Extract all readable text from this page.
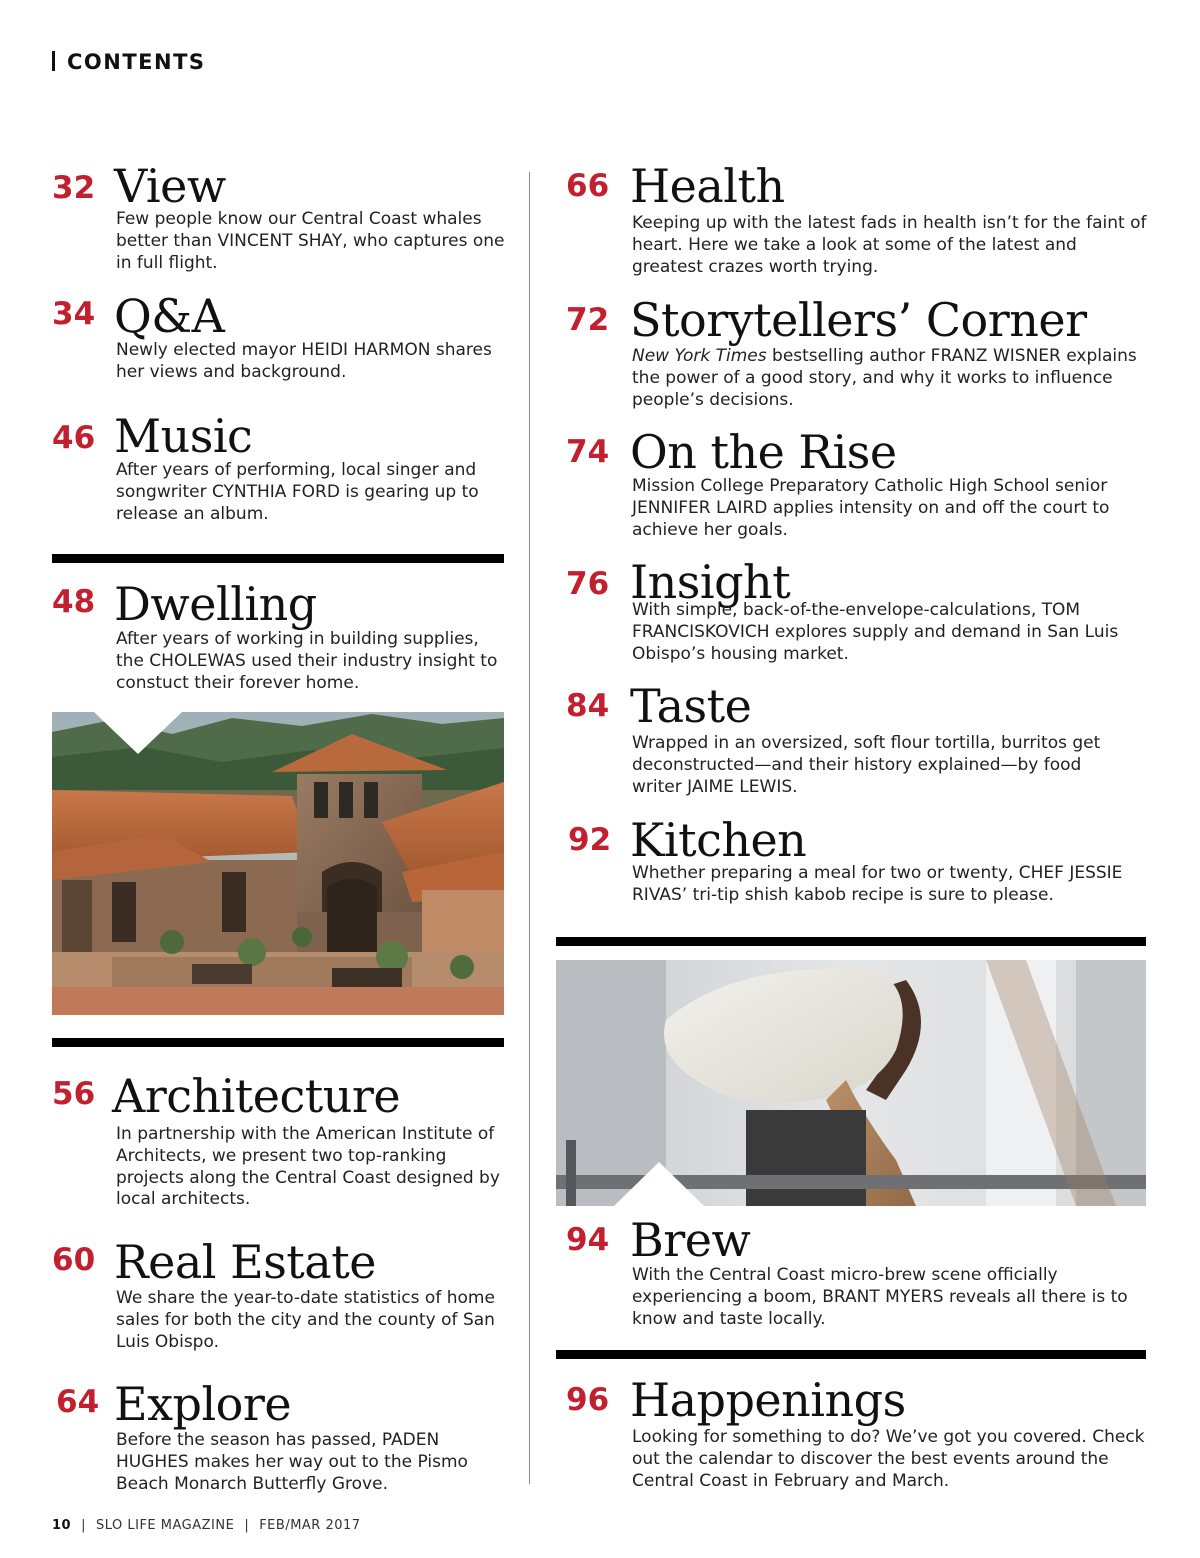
CONTENTS
32 View
Few people know our Central Coast whales better than VINCENT SHAY, who captures one in full flight.
34 Q&A
Newly elected mayor HEIDI HARMON shares her views and background.
46 Music
After years of performing, local singer and songwriter CYNTHIA FORD is gearing up to release an album.
48 Dwelling
After years of working in building supplies, the CHOLEWAS used their industry insight to constuct their forever home.
56 Architecture
In partnership with the American Institute of Architects, we present two top-ranking projects along the Central Coast designed by local architects.
60 Real Estate
We share the year-to-date statistics of home sales for both the city and the county of San Luis Obispo.
64 Explore
Before the season has passed, PADEN HUGHES makes her way out to the Pismo Beach Monarch Butterfly Grove.
66 Health
Keeping up with the latest fads in health isn’t for the faint of heart. Here we take a look at some of the latest and greatest crazes worth trying.
72 Storytellers’ Corner
New York Times bestselling author FRANZ WISNER explains the power of a good story, and why it works to influence people’s decisions.
74 On the Rise
Mission College Preparatory Catholic High School senior JENNIFER LAIRD applies intensity on and off the court to achieve her goals.
76 Insight
With simple, back-of-the-envelope-calculations, TOM FRANCISKOVICH explores supply and demand in San Luis Obispo’s housing market.
84 Taste
Wrapped in an oversized, soft flour tortilla, burritos get deconstructed—and their history explained—by food writer JAIME LEWIS.
92 Kitchen
Whether preparing a meal for two or twenty, CHEF JESSIE RIVAS’ tri-tip shish kabob recipe is sure to please.
94 Brew
With the Central Coast micro-brew scene officially experiencing a boom, BRANT MYERS reveals all there is to know and taste locally.
96 Happenings
Looking for something to do? We’ve got you covered. Check out the calendar to discover the best events around the Central Coast in February and March.
10 | SLO LIFE MAGAZINE | FEB/MAR 2017
